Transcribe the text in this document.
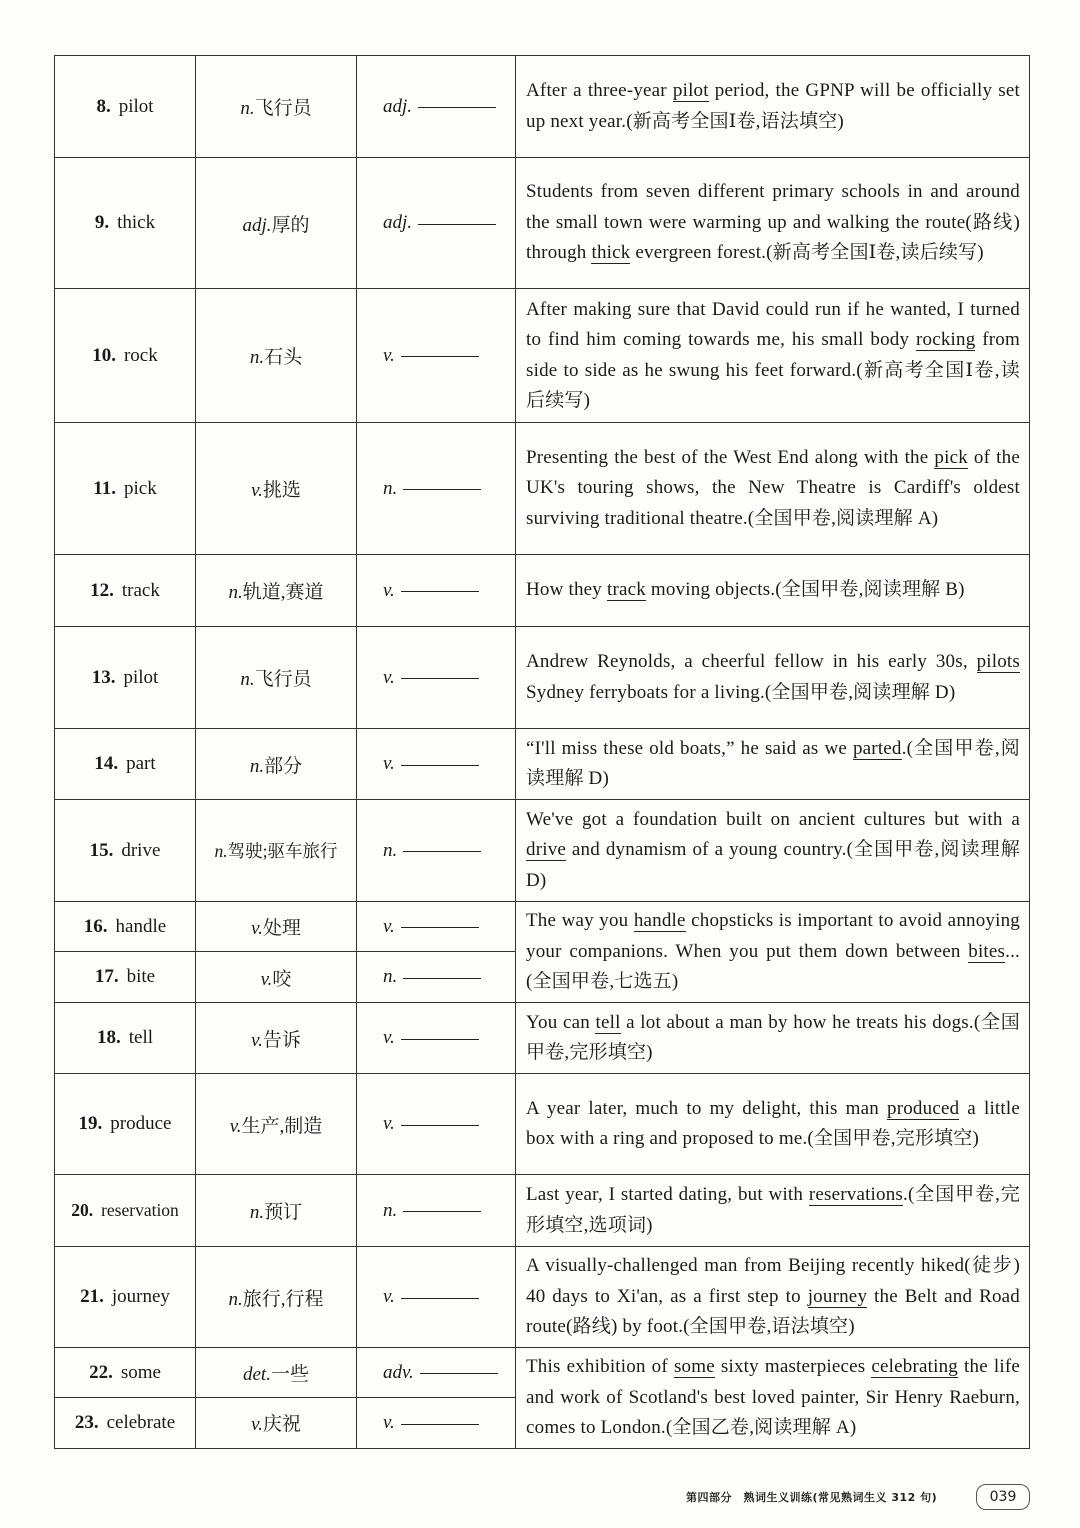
8. pilot	n.飞行员	adj.	After a three-year pilot period, the GPNP will be officially set up next year.(新高考全国Ⅰ卷,语法填空)
9. thick	adj.厚的	adj.	Students from seven different primary schools in and around the small town were warming up and walking the route(路线) through thick evergreen forest.(新高考全国Ⅰ卷,读后续写)
10. rock	n.石头	v.	After making sure that David could run if he wanted, I turned to find him coming towards me, his small body rocking from side to side as he swung his feet forward.(新高考全国Ⅰ卷,读后续写)
11. pick	v.挑选	n.	Presenting the best of the West End along with the pick of the UK's touring shows, the New Theatre is Cardiff's oldest surviving traditional theatre.(全国甲卷,阅读理解 A)
12. track	n.轨道,赛道	v.	How they track moving objects.(全国甲卷,阅读理解 B)
13. pilot	n.飞行员	v.	Andrew Reynolds, a cheerful fellow in his early 30s, pilots Sydney ferryboats for a living.(全国甲卷,阅读理解 D)
14. part	n.部分	v.	“I'll miss these old boats,” he said as we parted.(全国甲卷,阅读理解 D)
15. drive	n.驾驶;驱车旅行	n.	We've got a foundation built on ancient cultures but with a drive and dynamism of a young country.(全国甲卷,阅读理解 D)
16. handle	v.处理	v.	The way you handle chopsticks is important to avoid annoying your companions. When you put them down between bites...(全国甲卷,七选五)
17. bite	v.咬	n.	
18. tell	v.告诉	v.	You can tell a lot about a man by how he treats his dogs.(全国甲卷,完形填空)
19. produce	v.生产,制造	v.	A year later, much to my delight, this man produced a little box with a ring and proposed to me.(全国甲卷,完形填空)
20. reservation	n.预订	n.	Last year, I started dating, but with reservations.(全国甲卷,完形填空,选项词)
21. journey	n.旅行,行程	v.	A visually-challenged man from Beijing recently hiked(徒步) 40 days to Xi'an, as a first step to journey the Belt and Road route(路线) by foot.(全国甲卷,语法填空)
22. some	det.一些	adv.	This exhibition of some sixty masterpieces celebrating the life and work of Scotland's best loved painter, Sir Henry Raeburn, comes to London.(全国乙卷,阅读理解 A)
23. celebrate	v.庆祝	v.	
第四部分　熟词生义训练(常见熟词生义 312 句)	039
